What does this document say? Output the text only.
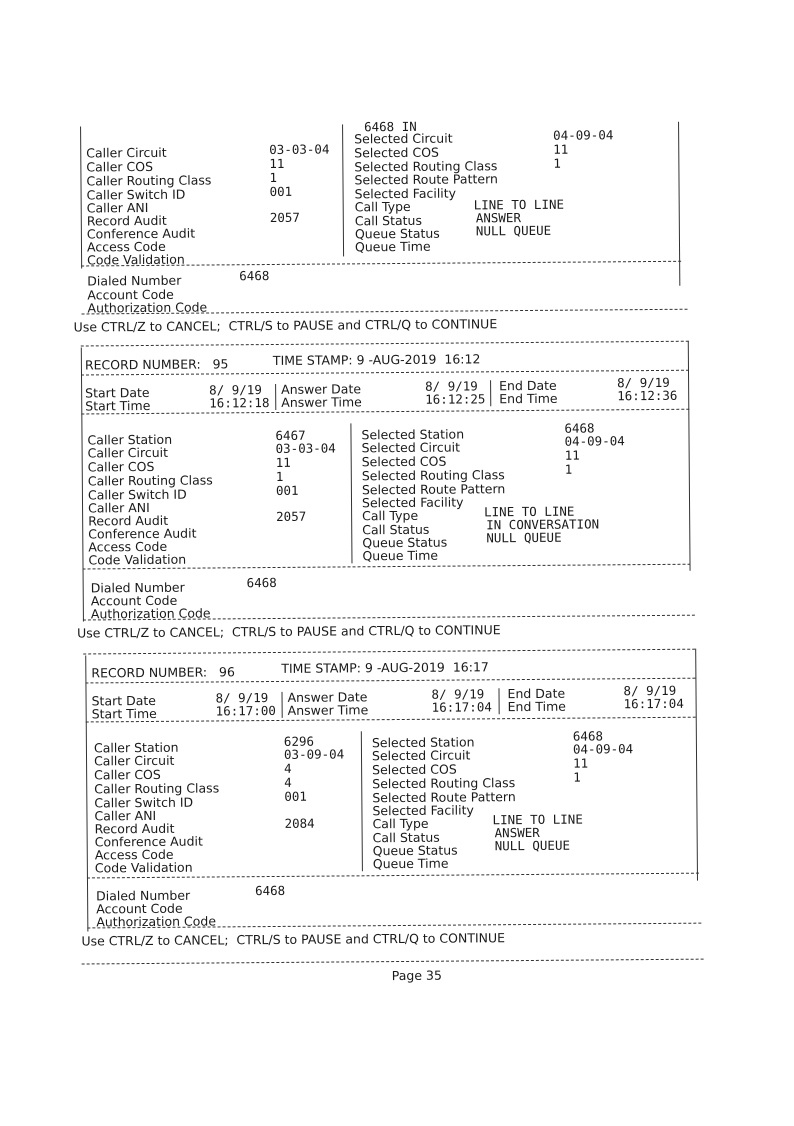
6468 IN
Caller Circuit
Caller COS
Caller Routing Class
Caller Switch ID
Caller ANI
Record Audit
Conference Audit
Access Code
Code Validation
03-03-04
11
1
001
2057
Selected Circuit
Selected COS
Selected Routing Class
Selected Route Pattern
Selected Facility
Call Type
Call Status
Queue Status
Queue Time
04-09-04
11
1
LINE TO LINE
ANSWER
NULL QUEUE
Dialed Number
Account Code
Authorization Code
6468
Use CTRL/Z to CANCEL;  CTRL/S to PAUSE and CTRL/Q to CONTINUE
RECORD NUMBER: 95	TIME STAMP: 9 -AUG-2019  16:12
Start Date
Start Time
8/ 9/19
16:12:18
Answer Date
Answer Time
8/ 9/19
16:12:25
End Date
End Time
8/ 9/19
16:12:36
Caller Station
Caller Circuit
Caller COS
Caller Routing Class
Caller Switch ID
Caller ANI
Record Audit
Conference Audit
Access Code
Code Validation
6467
03-03-04
11
1
001
2057
Selected Station
Selected Circuit
Selected COS
Selected Routing Class
Selected Route Pattern
Selected Facility
Call Type
Call Status
Queue Status
Queue Time
6468
04-09-04
11
1
LINE TO LINE
IN CONVERSATION
NULL QUEUE
Dialed Number
Account Code
Authorization Code
6468
Use CTRL/Z to CANCEL;  CTRL/S to PAUSE and CTRL/Q to CONTINUE
RECORD NUMBER: 96	TIME STAMP: 9 -AUG-2019  16:17
Start Date
Start Time
8/ 9/19
16:17:00
Answer Date
Answer Time
8/ 9/19
16:17:04
End Date
End Time
8/ 9/19
16:17:04
Caller Station
Caller Circuit
Caller COS
Caller Routing Class
Caller Switch ID
Caller ANI
Record Audit
Conference Audit
Access Code
Code Validation
6296
03-09-04
4
4
001
2084
Selected Station
Selected Circuit
Selected COS
Selected Routing Class
Selected Route Pattern
Selected Facility
Call Type
Call Status
Queue Status
Queue Time
6468
04-09-04
11
1
LINE TO LINE
ANSWER
NULL QUEUE
Dialed Number
Account Code
Authorization Code
6468
Use CTRL/Z to CANCEL;  CTRL/S to PAUSE and CTRL/Q to CONTINUE
Page 35
